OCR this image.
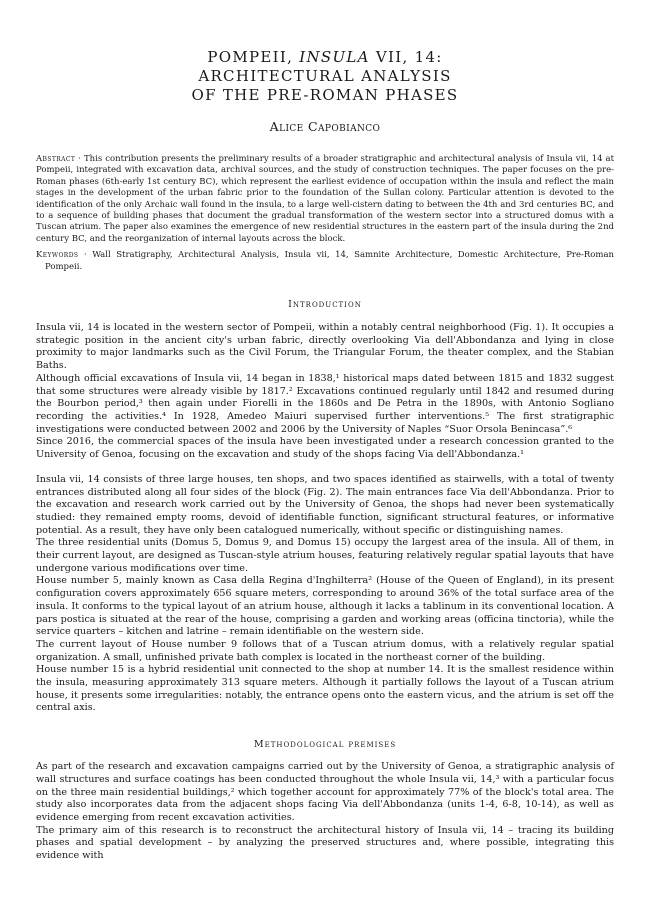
POMPEII, INSULA VII, 14:
ARCHITECTURAL ANALYSIS
OF THE PRE-ROMAN PHASES
Alice Capobianco

Abstract · This contribution presents the preliminary results of a broader stratigraphic and architectural analysis of Insula vii, 14 at Pompeii, integrated with excavation data, archival sources, and the study of construction techniques. The paper focuses on the pre-Roman phases (6th-early 1st century BC), which represent the earliest evidence of occupation within the insula and reflect the main stages in the development of the urban fabric prior to the foundation of the Sullan colony. Particular attention is devoted to the identification of the only Archaic wall found in the insula, to a large well-cistern dating to between the 4th and 3rd centuries BC, and to a sequence of building phases that document the gradual transformation of the western sector into a structured domus with a Tuscan atrium. The paper also examines the emergence of new residential structures in the eastern part of the insula during the 2nd century BC, and the reorganization of internal layouts across the block.

Keywords · Wall Stratigraphy, Architectural Analysis, Insula vii, 14, Samnite Architecture, Domestic Architecture, Pre-Roman Pompeii.

Introduction

Insula vii, 14 is located in the western sector of Pompeii, within a notably central neighborhood (Fig. 1). It occupies a strategic position in the ancient city's urban fabric, directly overlooking Via dell'Abbondanza and lying in close proximity to major landmarks such as the Civil Forum, the Triangular Forum, the theater complex, and the Stabian Baths.

Although official excavations of Insula vii, 14 began in 1838,¹ historical maps dated between 1815 and 1832 suggest that some structures were already visible by 1817.² Excavations continued regularly until 1842 and resumed during the Bourbon period,³ then again under Fiorelli in the 1860s and De Petra in the 1890s, with Antonio Sogliano recording the activities.⁴ In 1928, Amedeo Maiuri supervised further interventions.⁵ The first stratigraphic investigations were conducted between 2002 and 2006 by the University of Naples “Suor Orsola Benincasa”.⁶

Since 2016, the commercial spaces of the insula have been investigated under a research concession granted to the University of Genoa, focusing on the excavation and study of the shops facing Via dell'Abbondanza.¹

Insula vii, 14 consists of three large houses, ten shops, and two spaces identified as stairwells, with a total of twenty entrances distributed along all four sides of the block (Fig. 2). The main entrances face Via dell'Abbondanza. Prior to the excavation and research work carried out by the University of Genoa, the shops had never been systematically studied: they remained empty rooms, devoid of identifiable function, significant structural features, or informative potential. As a result, they have only been catalogued numerically, without specific or distinguishing names.

The three residential units (Domus 5, Domus 9, and Domus 15) occupy the largest area of the insula. All of them, in their current layout, are designed as Tuscan-style atrium houses, featuring relatively regular spatial layouts that have undergone various modifications over time.

House number 5, mainly known as Casa della Regina d'Inghilterra² (House of the Queen of England), in its present configuration covers approximately 656 square meters, corresponding to around 36% of the total surface area of the insula. It conforms to the typical layout of an atrium house, although it lacks a tablinum in its conventional location. A pars postica is situated at the rear of the house, comprising a garden and working areas (officina tinctoria), while the service quarters – kitchen and latrine – remain identifiable on the western side.

The current layout of House number 9 follows that of a Tuscan atrium domus, with a relatively regular spatial organization. A small, unfinished private bath complex is located in the northeast corner of the building.

House number 15 is a hybrid residential unit connected to the shop at number 14. It is the smallest residence within the insula, measuring approximately 313 square meters. Although it partially follows the layout of a Tuscan atrium house, it presents some irregularities: notably, the entrance opens onto the eastern vicus, and the atrium is set off the central axis.

Methodological premises

As part of the research and excavation campaigns carried out by the University of Genoa, a stratigraphic analysis of wall structures and surface coatings has been conducted throughout the whole Insula vii, 14,³ with a particular focus on the three main residential buildings,² which together account for approximately 77% of the block's total area. The study also incorporates data from the adjacent shops facing Via dell'Abbondanza (units 1-4, 6-8, 10-14), as well as evidence emerging from recent excavation activities.

The primary aim of this research is to reconstruct the architectural history of Insula vii, 14 – tracing its building phases and spatial development – by analyzing the preserved structures and, where possible, integrating this evidence with
